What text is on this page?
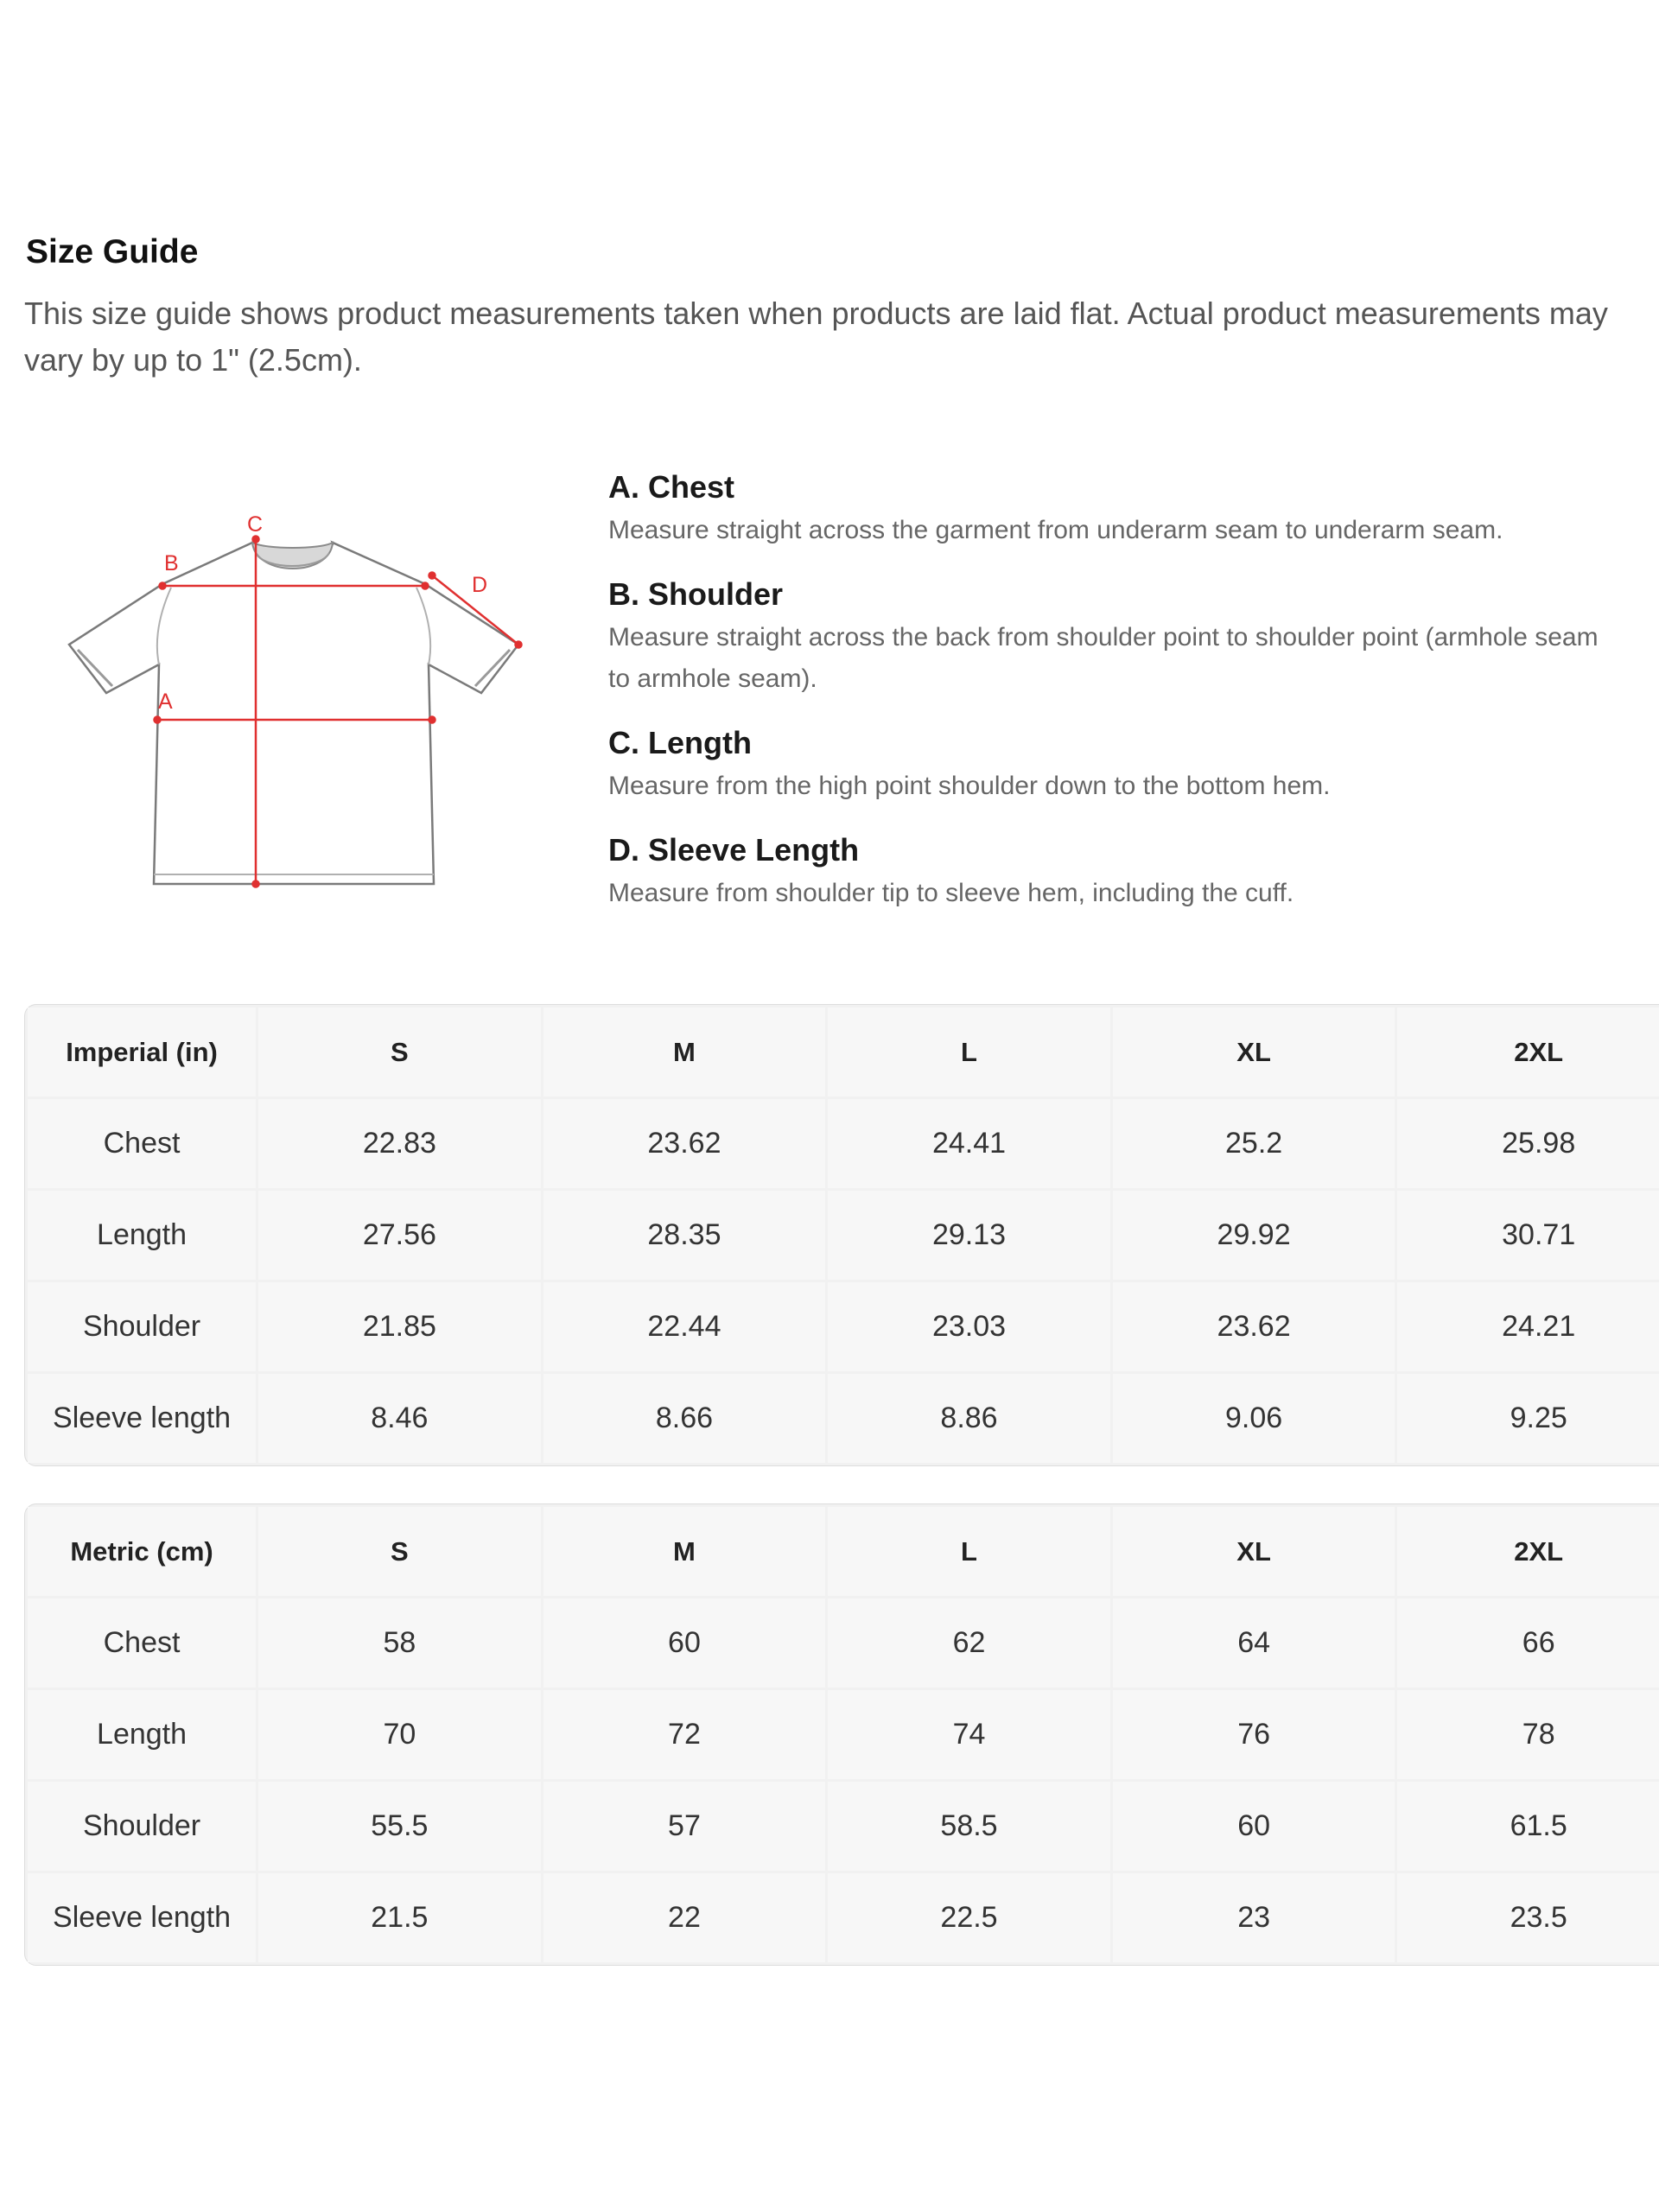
Size Guide

This size guide shows product measurements taken when products are laid flat. Actual product measurements may vary by up to 1" (2.5cm).

B
C
D
A
A. Chest
Measure straight across the garment from underarm seam to underarm seam.
B. Shoulder
Measure straight across the back from shoulder point to shoulder point (armhole seam
to armhole seam).
C. Length
Measure from the high point shoulder down to the bottom hem.
D. Sleeve Length
Measure from shoulder tip to sleeve hem, including the cuff.
Imperial (in)	S	M	L	XL	2XL
Chest	22.83	23.62	24.41	25.2	25.98
Length	27.56	28.35	29.13	29.92	30.71
Shoulder	21.85	22.44	23.03	23.62	24.21
Sleeve length	8.46	8.66	8.86	9.06	9.25
Metric (cm)	S	M	L	XL	2XL
Chest	58	60	62	64	66
Length	70	72	74	76	78
Shoulder	55.5	57	58.5	60	61.5
Sleeve length	21.5	22	22.5	23	23.5
